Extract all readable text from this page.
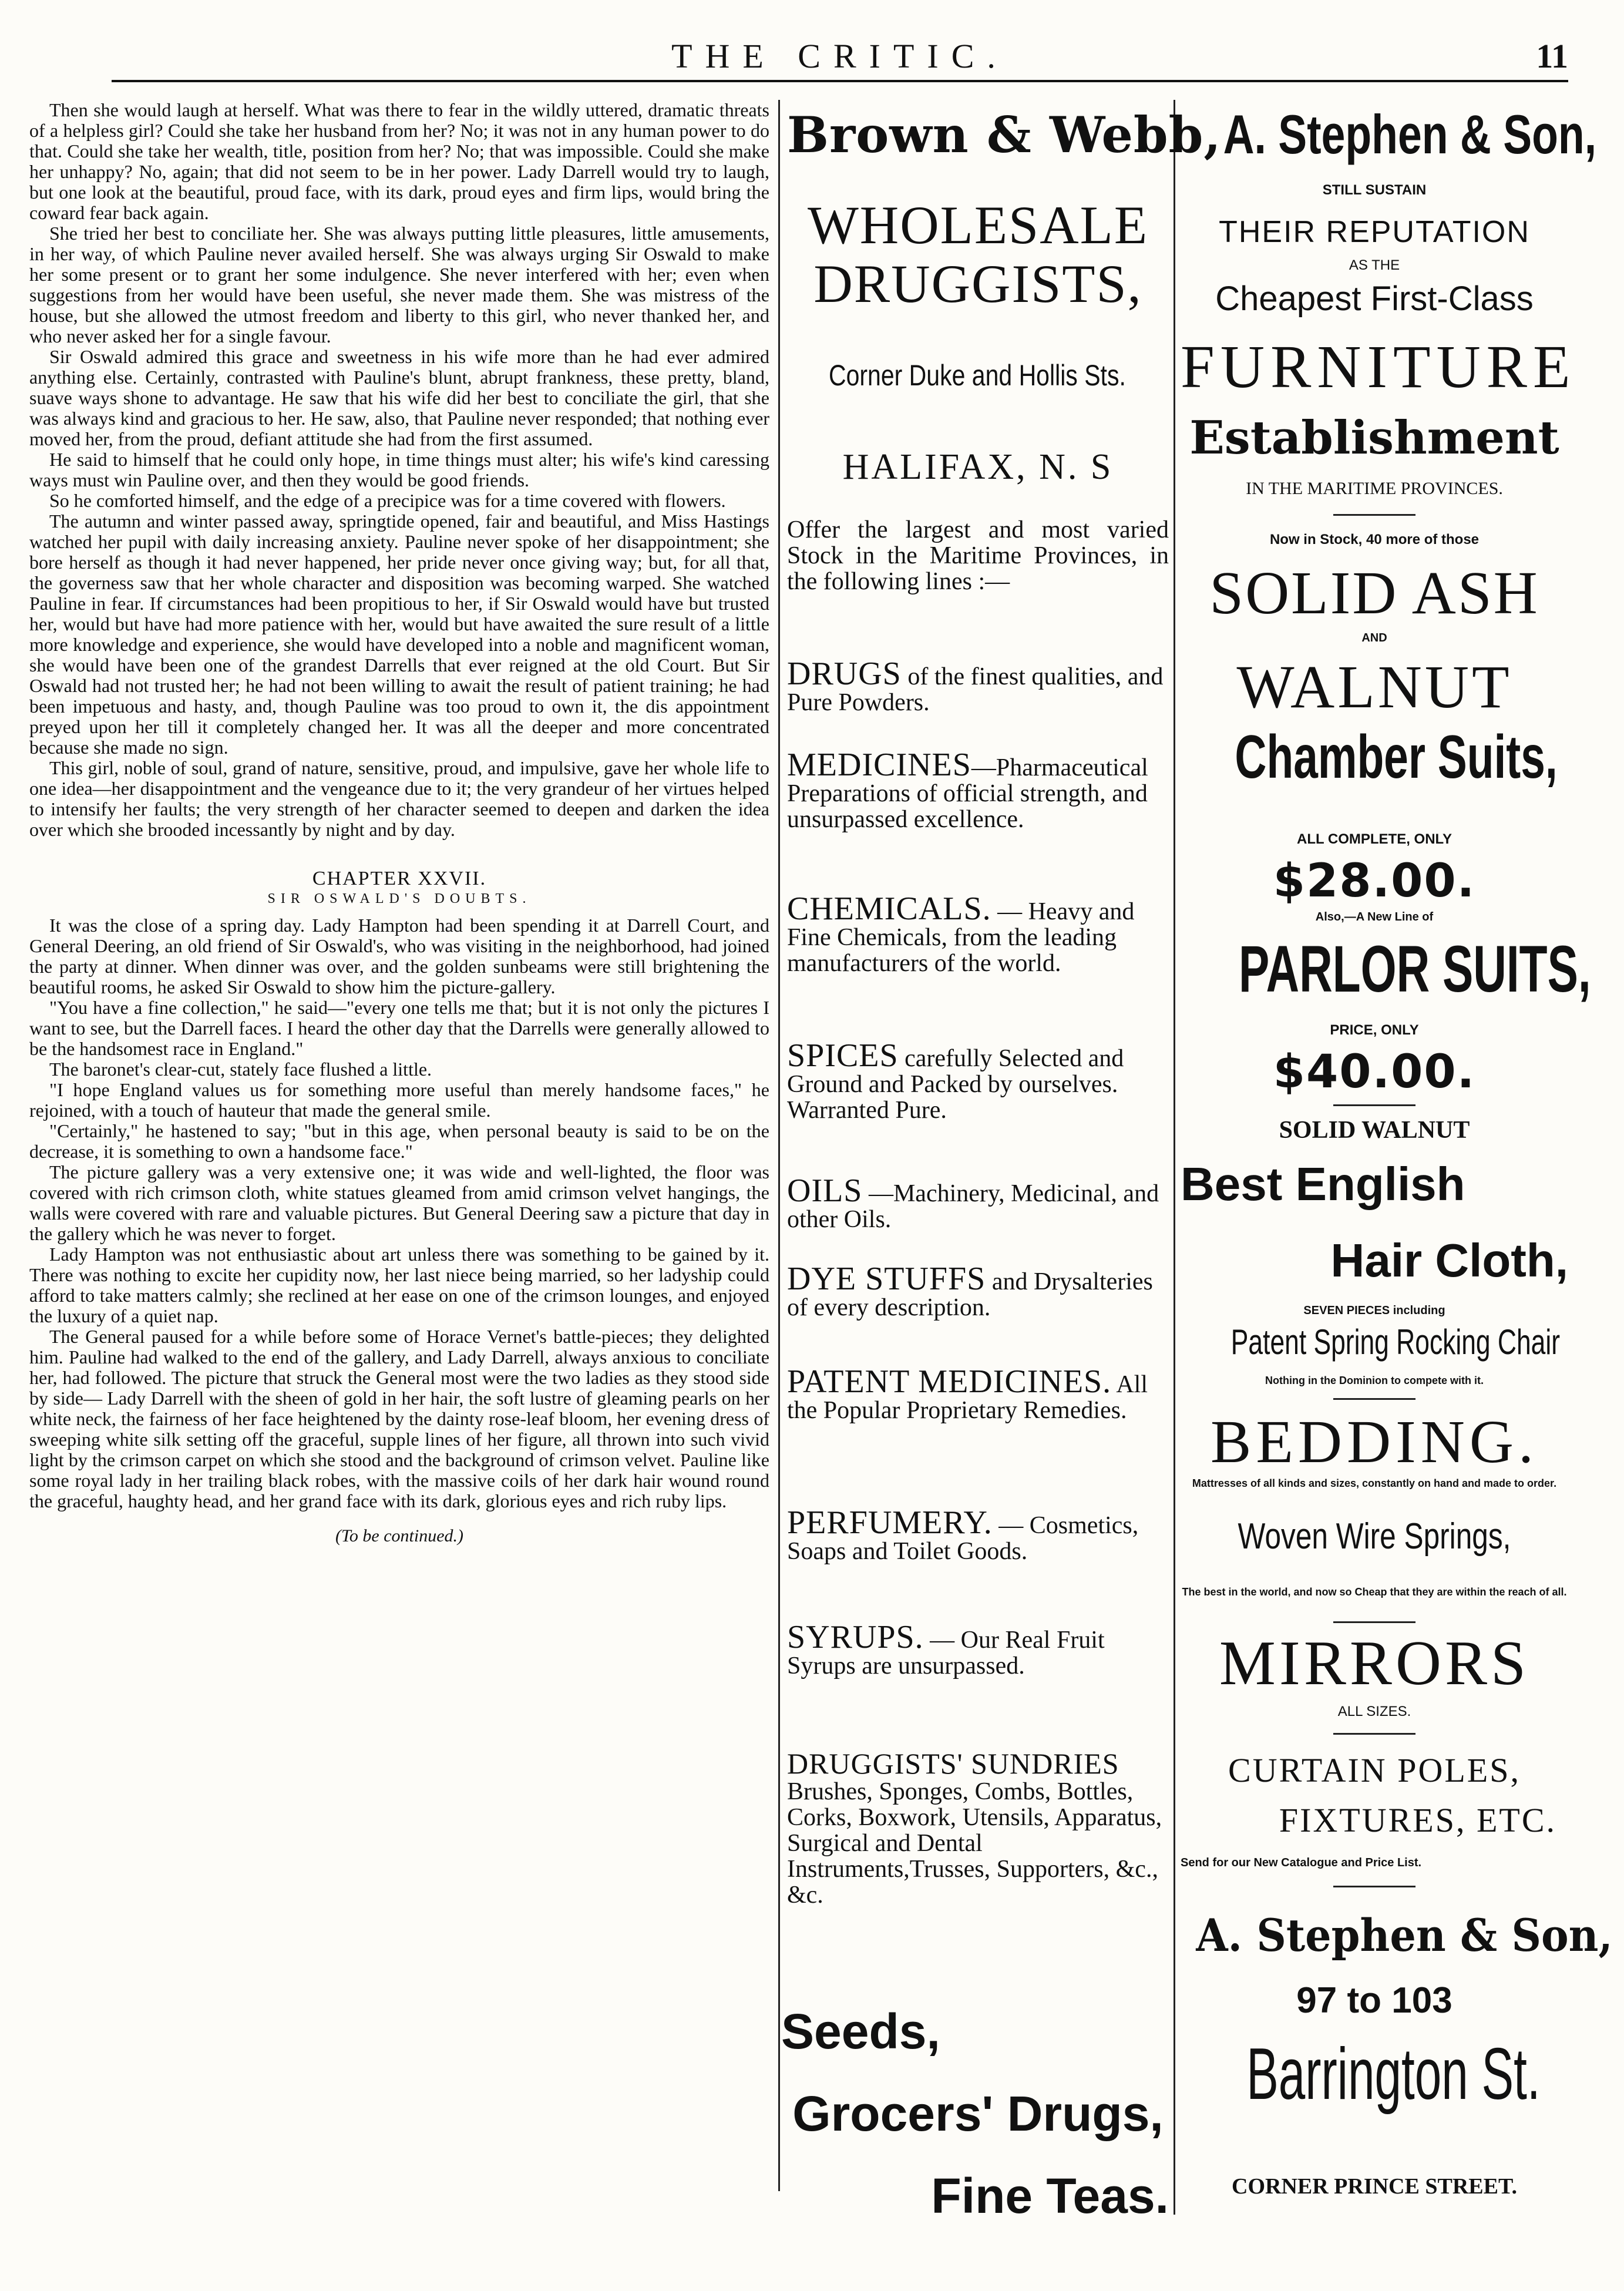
THE CRITIC.	11

Then she would laugh at herself. What was there to fear in the wildly uttered, dramatic threats of a helpless girl? Could she take her husband from her? No; it was not in any human power to do that. Could she take her wealth, title, position from her? No; that was impossible. Could she make her unhappy? No, again; that did not seem to be in her power. Lady Darrell would try to laugh, but one look at the beautiful, proud face, with its dark, proud eyes and firm lips, would bring the coward fear back again.

She tried her best to conciliate her. She was always putting little pleasures, little amusements, in her way, of which Pauline never availed herself. She was always urging Sir Oswald to make her some present or to grant her some indulgence. She never interfered with her; even when suggestions from her would have been useful, she never made them. She was mistress of the house, but she allowed the utmost freedom and liberty to this girl, who never thanked her, and who never asked her for a single favour.

Sir Oswald admired this grace and sweetness in his wife more than he had ever admired anything else. Certainly, contrasted with Pauline's blunt, abrupt frankness, these pretty, bland, suave ways shone to advantage. He saw that his wife did her best to conciliate the girl, that she was always kind and gracious to her. He saw, also, that Pauline never responded; that nothing ever moved her, from the proud, defiant attitude she had from the first assumed.

He said to himself that he could only hope, in time things must alter; his wife's kind caressing ways must win Pauline over, and then they would be good friends.

So he comforted himself, and the edge of a precipice was for a time covered with flowers.

The autumn and winter passed away, springtide opened, fair and beautiful, and Miss Hastings watched her pupil with daily increasing anxiety. Pauline never spoke of her disappointment; she bore herself as though it had never happened, her pride never once giving way; but, for all that, the governess saw that her whole character and disposition was becoming warped. She watched Pauline in fear. If circumstances had been propitious to her, if Sir Oswald would have but trusted her, would but have had more patience with her, would but have awaited the sure result of a little more knowledge and experience, she would have developed into a noble and magnificent woman, she would have been one of the grandest Darrells that ever reigned at the old Court. But Sir Oswald had not trusted her; he had not been willing to await the result of patient training; he had been impetuous and hasty, and, though Pauline was too proud to own it, the dis appointment preyed upon her till it completely changed her. It was all the deeper and more concentrated because she made no sign.

This girl, noble of soul, grand of nature, sensitive, proud, and impulsive, gave her whole life to one idea—her disappointment and the vengeance due to it; the very grandeur of her virtues helped to intensify her faults; the very strength of her character seemed to deepen and darken the idea over which she brooded incessantly by night and by day.

CHAPTER XXVII.

SIR OSWALD'S DOUBTS.

It was the close of a spring day. Lady Hampton had been spending it at Darrell Court, and General Deering, an old friend of Sir Oswald's, who was visiting in the neighborhood, had joined the party at dinner. When dinner was over, and the golden sunbeams were still brightening the beautiful rooms, he asked Sir Oswald to show him the picture-gallery.

"You have a fine collection," he said—"every one tells me that; but it is not only the pictures I want to see, but the Darrell faces. I heard the other day that the Darrells were generally allowed to be the handsomest race in England."

The baronet's clear-cut, stately face flushed a little.

"I hope England values us for something more useful than merely handsome faces," he rejoined, with a touch of hauteur that made the general smile.

"Certainly," he hastened to say; "but in this age, when personal beauty is said to be on the decrease, it is something to own a handsome face."

The picture gallery was a very extensive one; it was wide and well-lighted, the floor was covered with rich crimson cloth, white statues gleamed from amid crimson velvet hangings, the walls were covered with rare and valuable pictures. But General Deering saw a picture that day in the gallery which he was never to forget.

Lady Hampton was not enthusiastic about art unless there was something to be gained by it. There was nothing to excite her cupidity now, her last niece being married, so her ladyship could afford to take matters calmly; she reclined at her ease on one of the crimson lounges, and enjoyed the luxury of a quiet nap.

The General paused for a while before some of Horace Vernet's battle-pieces; they delighted him. Pauline had walked to the end of the gallery, and Lady Darrell, always anxious to conciliate her, had followed. The picture that struck the General most were the two ladies as they stood side by side— Lady Darrell with the sheen of gold in her hair, the soft lustre of gleaming pearls on her white neck, the fairness of her face heightened by the dainty rose-leaf bloom, her evening dress of sweeping white silk setting off the graceful, supple lines of her figure, all thrown into such vivid light by the crimson carpet on which she stood and the background of crimson velvet. Pauline like some royal lady in her trailing black robes, with the massive coils of her dark hair wound round the graceful, haughty head, and her grand face with its dark, glorious eyes and rich ruby lips.

(To be continued.)

Brown & Webb,
WHOLESALE
DRUGGISTS,
Corner Duke and Hollis Sts.
HALIFAX, N. S
Offer the largest and most varied Stock in the Maritime Provinces, in the following lines :—
DRUGS of the finest qualities, and Pure Powders.
MEDICINES—Pharmaceutical Preparations of official strength, and unsurpassed excellence.
CHEMICALS. — Heavy and Fine Chemicals, from the leading manufacturers of the world.
SPICES carefully Selected and Ground and Packed by ourselves. Warranted Pure.
OILS —Machinery, Medicinal, and other Oils.
DYE STUFFS and Drysalteries of every description.
PATENT MEDICINES. All the Popular Proprietary Remedies.
PERFUMERY. — Cosmetics, Soaps and Toilet Goods.
SYRUPS. — Our Real Fruit Syrups are unsurpassed.
DRUGGISTS' SUNDRIES Brushes, Sponges, Combs, Bottles, Corks, Boxwork, Utensils, Apparatus, Surgical and Dental Instruments,Trusses, Supporters, &c., &c.
Seeds,
Grocers' Drugs,
Fine Teas.
A. Stephen & Son,
STILL SUSTAIN
THEIR REPUTATION
AS THE
Cheapest First-Class
FURNITURE
Establishment
IN THE MARITIME PROVINCES.
Now in Stock, 40 more of those
SOLID ASH
AND
WALNUT
Chamber Suits,
ALL COMPLETE, ONLY
$28.00.
Also,—A New Line of
PARLOR SUITS,
PRICE, ONLY
$40.00.
SOLID WALNUT
Best English
Hair Cloth,
SEVEN PIECES including
Patent Spring Rocking Chair
Nothing in the Dominion to compete with it.
BEDDING.
Mattresses of all kinds and sizes, constantly on hand and made to order.
Woven Wire Springs,
The best in the world, and now so Cheap that they are within the reach of all.
MIRRORS
ALL SIZES.
CURTAIN POLES,
FIXTURES, ETC.
Send for our New Catalogue and Price List.
A. Stephen & Son,
97 to 103
Barrington St.
CORNER PRINCE STREET.
